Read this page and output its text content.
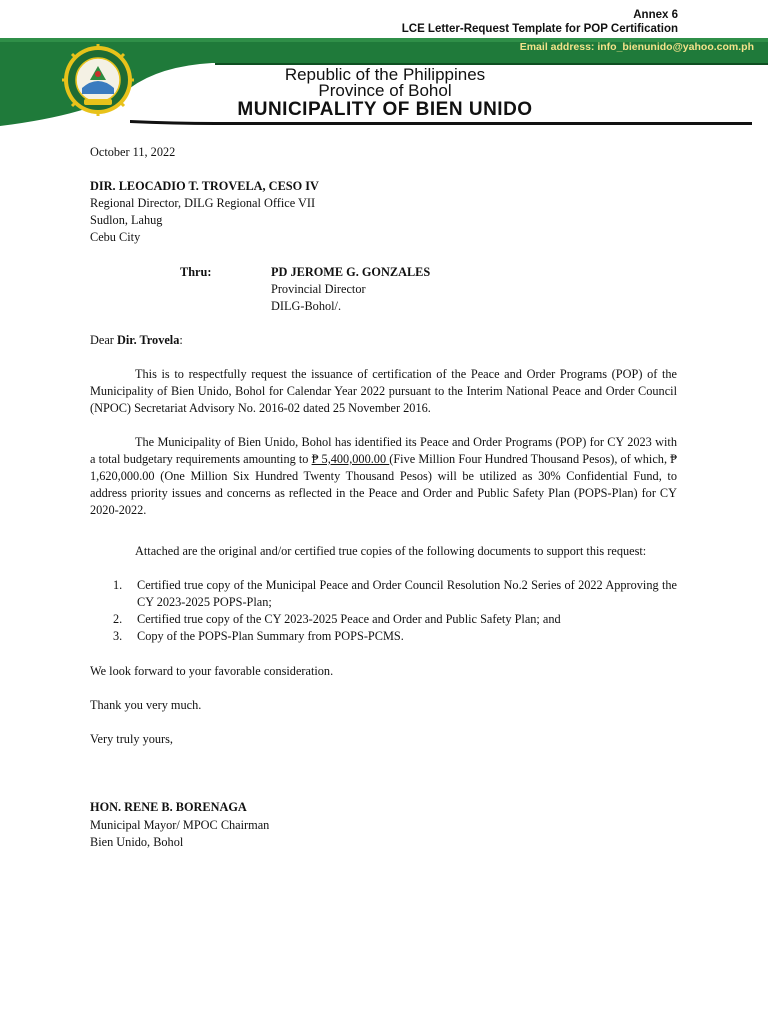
Annex 6
LCE Letter-Request Template for POP Certification
Email address: info_bienunido@yahoo.com.ph
Republic of the Philippines
Province of Bohol
MUNICIPALITY OF BIEN UNIDO
October 11, 2022
DIR. LEOCADIO T. TROVELA, CESO IV
Regional Director, DILG Regional Office VII
Sudlon, Lahug
Cebu City
Thru:	PD JEROME G. GONZALES
Provincial Director
DILG-Bohol/.
Dear Dir. Trovela:
This is to respectfully request the issuance of certification of the Peace and Order Programs (POP) of the Municipality of Bien Unido, Bohol for Calendar Year 2022 pursuant to the Interim National Peace and Order Council (NPOC) Secretariat Advisory No. 2016-02 dated 25 November 2016.
The Municipality of Bien Unido, Bohol has identified its Peace and Order Programs (POP) for CY 2023 with a total budgetary requirements amounting to ₱ 5,400,000.00 (Five Million Four Hundred Thousand Pesos), of which, ₱ 1,620,000.00 (One Million Six Hundred Twenty Thousand Pesos) will be utilized as 30% Confidential Fund, to address priority issues and concerns as reflected in the Peace and Order and Public Safety Plan (POPS-Plan) for CY 2020-2022.
Attached are the original and/or certified true copies of the following documents to support this request:
1. Certified true copy of the Municipal Peace and Order Council Resolution No.2 Series of 2022 Approving the CY 2023-2025 POPS-Plan;
2. Certified true copy of the CY 2023-2025 Peace and Order and Public Safety Plan; and
3. Copy of the POPS-Plan Summary from POPS-PCMS.
We look forward to your favorable consideration.
Thank you very much.
Very truly yours,
HON. RENE B. BORENAGA
Municipal Mayor/ MPOC Chairman
Bien Unido, Bohol
